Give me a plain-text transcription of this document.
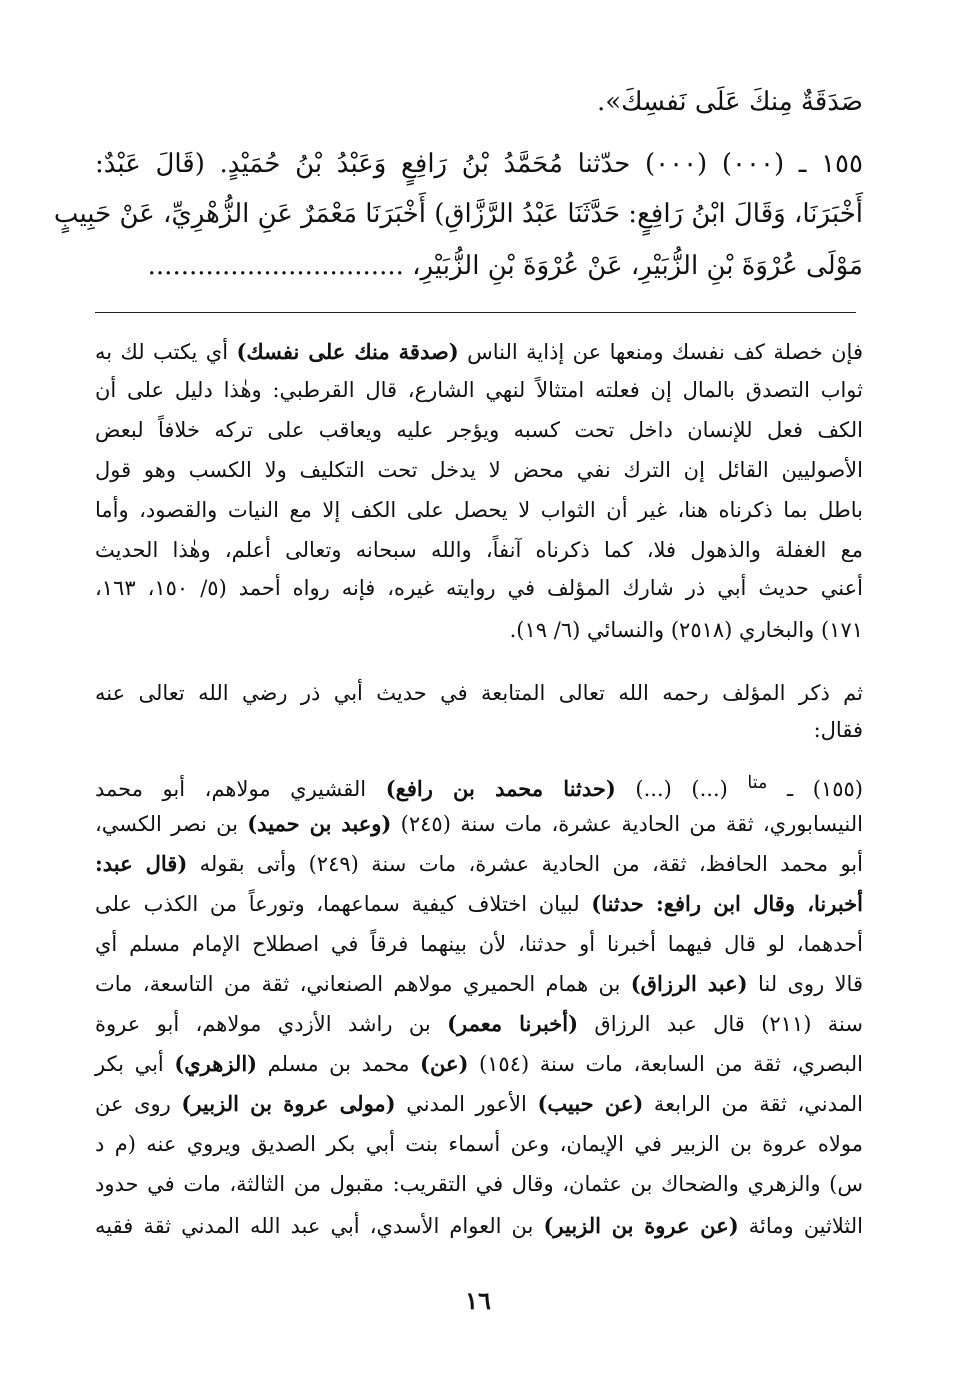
صَدَقَةٌ مِنكَ عَلَى نَفسِكَ».
١٥٥ ـ (٠٠٠) (٠٠٠) حدّثنا مُحَمَّدُ بْنُ رَافِعٍ وَعَبْدُ بْنُ حُمَيْدٍ. (قَالَ عَبْدٌ:
أَخْبَرَنَا، وَقَالَ ابْنُ رَافِعٍ: حَدَّثَنَا عَبْدُ الرَّزَّاقِ) أَخْبَرَنَا مَعْمَرٌ عَنِ الزُّهْرِيِّ، عَنْ حَبِيبٍ
مَوْلَى عُرْوَةَ بْنِ الزُّبَيْرِ، عَنْ عُرْوَةَ بْنِ الزُّبَيْرِ، ...............................
فإن خصلة كف نفسك ومنعها عن إذاية الناس (صدقة منك على نفسك) أي يكتب لك به
ثواب التصدق بالمال إن فعلته امتثالاً لنهي الشارع، قال القرطبي: وهٰذا دليل على أن
الكف فعل للإنسان داخل تحت كسبه ويؤجر عليه ويعاقب على تركه خلافاً لبعض
الأصوليين القائل إن الترك نفي محض لا يدخل تحت التكليف ولا الكسب وهو قول
باطل بما ذكرناه هنا، غير أن الثواب لا يحصل على الكف إلا مع النيات والقصود، وأما
مع الغفلة والذهول فلا، كما ذكرناه آنفاً، والله سبحانه وتعالى أعلم، وهٰذا الحديث
أعني حديث أبي ذر شارك المؤلف في روايته غيره، فإنه رواه أحمد (٥/ ١٥٠، ١٦٣،
١٧١) والبخاري (٢٥١٨) والنسائي (٦/ ١٩).
ثم ذكر المؤلف رحمه الله تعالى المتابعة في حديث أبي ذر رضي الله تعالى عنه
فقال:
(١٥٥) ـ $^{متا}$ (...) (...) (حدثنا محمد بن رافع) القشيري مولاهم، أبو محمد
النيسابوري، ثقة من الحادية عشرة، مات سنة (٢٤٥) (وعبد بن حميد) بن نصر الكسي،
أبو محمد الحافظ، ثقة، من الحادية عشرة، مات سنة (٢٤٩) وأتى بقوله (قال عبد:
أخبرنا، وقال ابن رافع: حدثنا) لبيان اختلاف كيفية سماعهما، وتورعاً من الكذب على
أحدهما، لو قال فيهما أخبرنا أو حدثنا، لأن بينهما فرقاً في اصطلاح الإمام مسلم أي
قالا روى لنا (عبد الرزاق) بن همام الحميري مولاهم الصنعاني، ثقة من التاسعة، مات
سنة (٢١١) قال عبد الرزاق (أخبرنا معمر) بن راشد الأزدي مولاهم، أبو عروة
البصري، ثقة من السابعة، مات سنة (١٥٤) (عن) محمد بن مسلم (الزهري) أبي بكر
المدني، ثقة من الرابعة (عن حبيب) الأعور المدني (مولى عروة بن الزبير) روى عن
مولاه عروة بن الزبير في الإيمان، وعن أسماء بنت أبي بكر الصديق ويروي عنه (م د
س) والزهري والضحاك بن عثمان، وقال في التقريب: مقبول من الثالثة، مات في حدود
الثلاثين ومائة (عن عروة بن الزبير) بن العوام الأسدي، أبي عبد الله المدني ثقة فقيه
١٦
